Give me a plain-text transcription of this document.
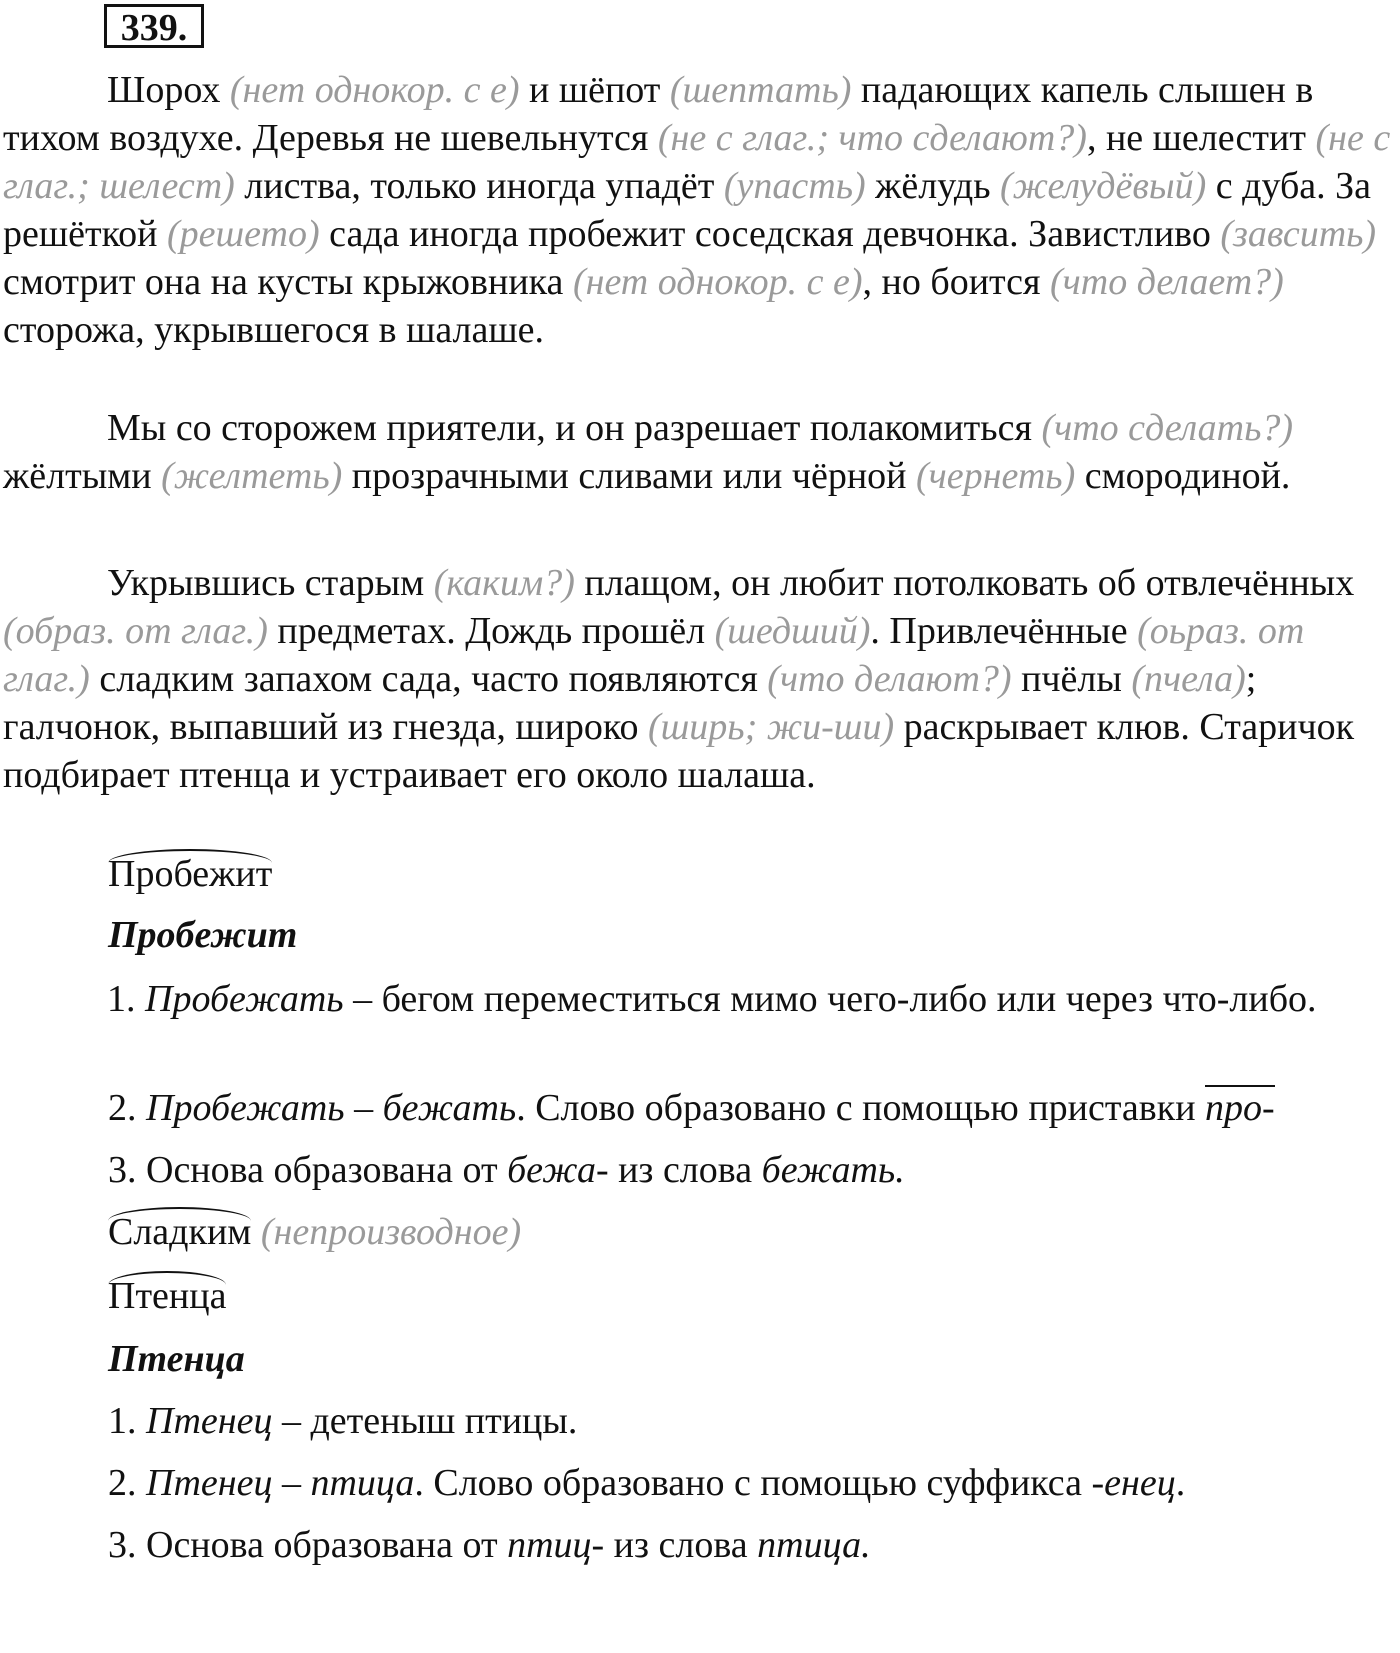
339.
Шорох (нет однокор. с е) и шёпот (шептать) падающих капель слышен в тихом воздухе. Деревья не шевельнутся (не с глаг.; что сделают?), не шелестит (не с глаг.; шелест) листва, только иногда упадёт (упасть) жёлудь (желудёвый) с дуба. За решёткой (решето) сада иногда пробежит соседская девчонка. Завистливо (завсить) смотрит она на кусты крыжовника (нет однокор. с е), но боится (что делает?) сторожа, укрывшегося в шалаше.
Мы со сторожем приятели, и он разрешает полакомиться (что сделать?) жёлтыми (желтеть) прозрачными сливами или чёрной (чернеть) смородиной.
Укрывшись старым (каким?) плащом, он любит потолковать об отвлечённых (образ. от глаг.) предметах. Дождь прошёл (шедший). Привлечённые (оьраз. от глаг.) сладким запахом сада, часто появляются (что делают?) пчёлы (пчела); галчонок, выпавший из гнезда, широко (ширь; жи-ши) раскрывает клюв. Старичок подбирает птенца и устраивает его около шалаша.
Пробежит
Пробежит
1. Пробежать – бегом переместиться мимо чего-либо или через что-либо.
2. Пробежать – бежать. Слово образовано с помощью приставки про-
3. Основа образована от бежа- из слова бежать.
Сладким (непроизводное)
Птенца
Птенца
1. Птенец – детеныш птицы.
2. Птенец – птица. Слово образовано с помощью суффикса -енец.
3. Основа образована от птиц- из слова птица.
